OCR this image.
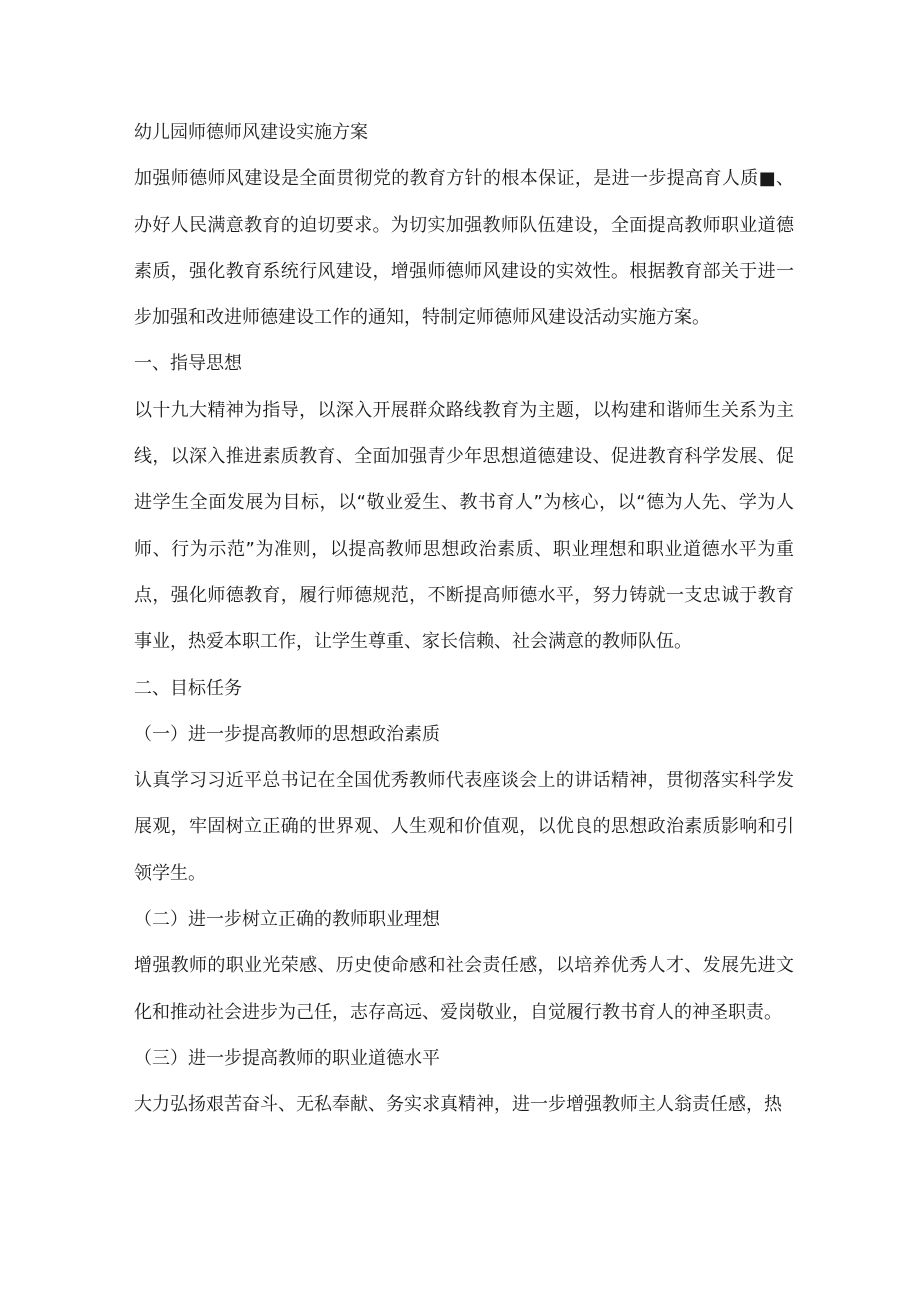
幼儿园师德师风建设实施方案

加强师德师风建设是全面贯彻党的教育方针的根本保证，是进一步提高育人质■、办好人民满意教育的迫切要求。为切实加强教师队伍建设，全面提高教师职业道德素质，强化教育系统行风建设，增强师德师风建设的实效性。根据教育部关于进一步加强和改进师德建设工作的通知，特制定师德师风建设活动实施方案。

一、指导思想

以十九大精神为指导，以深入开展群众路线教育为主题，以构建和谐师生关系为主线，以深入推进素质教育、全面加强青少年思想道德建设、促进教育科学发展、促进学生全面发展为目标，以“敬业爱生、教书育人”为核心，以“德为人先、学为人师、行为示范”为准则，以提高教师思想政治素质、职业理想和职业道德水平为重点，强化师德教育，履行师德规范，不断提高师德水平，努力铸就一支忠诚于教育事业，热爱本职工作，让学生尊重、家长信赖、社会满意的教师队伍。

二、目标任务

（一）进一步提高教师的思想政治素质

认真学习习近平总书记在全国优秀教师代表座谈会上的讲话精神，贯彻落实科学发展观，牢固树立正确的世界观、人生观和价值观，以优良的思想政治素质影响和引领学生。

（二）进一步树立正确的教师职业理想

增强教师的职业光荣感、历史使命感和社会责任感，以培养优秀人才、发展先进文化和推动社会进步为己任，志存高远、爱岗敬业，自觉履行教书育人的神圣职责。

（三）进一步提高教师的职业道德水平

大力弘扬艰苦奋斗、无私奉献、务实求真精神，进一步增强教师主人翁责任感，热
